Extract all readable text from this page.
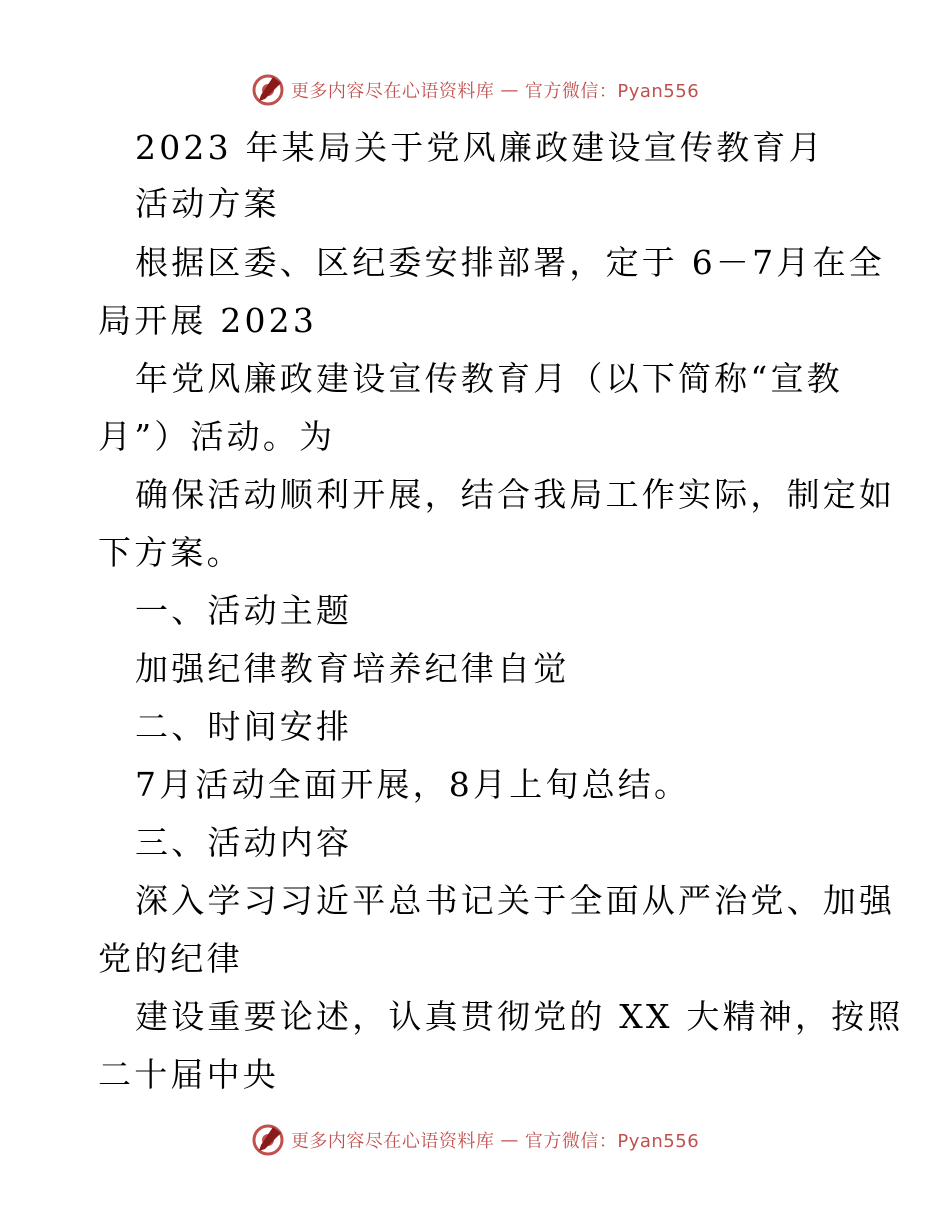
更多内容尽在心语资料库 — 官方微信：Pyan556
2023 年某局关于党风廉政建设宣传教育月
活动方案
根据区委、区纪委安排部署，定于 6－7月在全
局开展 2023
年党风廉政建设宣传教育月（以下简称“宣教
月”）活动。为
确保活动顺利开展，结合我局工作实际，制定如
下方案。
一、活动主题
加强纪律教育培养纪律自觉
二、时间安排
7月活动全面开展，8月上旬总结。
三、活动内容
深入学习习近平总书记关于全面从严治党、加强
党的纪律
建设重要论述，认真贯彻党的 XX 大精神，按照
二十届中央
更多内容尽在心语资料库 — 官方微信：Pyan556
